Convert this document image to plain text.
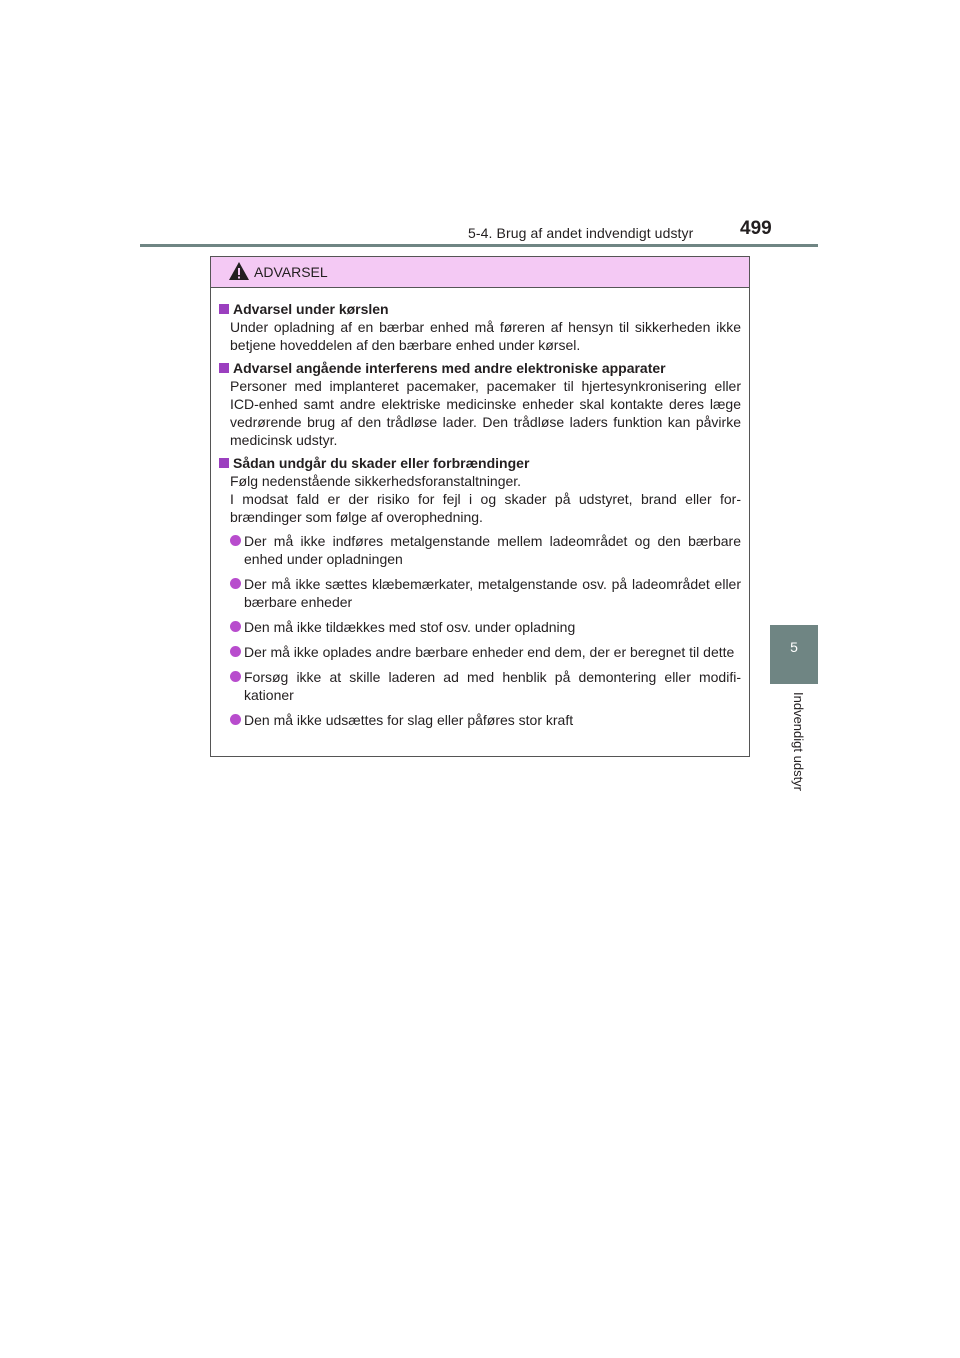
5-4. Brug af andet indvendigt udstyr 499
5
Indvendigt udstyr
ADVARSEL
Advarsel under kørslen

Under opladning af en bærbar enhed må føreren af hensyn til sikkerheden ikke betjene hoveddelen af den bærbare enhed under kørsel.

Advarsel angående interferens med andre elektroniske apparater

Personer med implanteret pacemaker, pacemaker til hjertesynkronisering eller ICD-enhed samt andre elektriske medicinske enheder skal kontakte deres læge vedrørende brug af den trådløse lader. Den trådløse laders funktion kan påvirke medicinsk udstyr.

Sådan undgår du skader eller forbrændinger

Følg nedenstående sikkerhedsforanstaltninger.

I modsat fald er der risiko for fejl i og skader på udstyret, brand eller for-brændinger som følge af overophedning.

Der må ikke indføres metalgenstande mellem ladeområdet og den bærbare enhed under opladningen
Der må ikke sættes klæbemærkater, metalgenstande osv. på ladeområdet eller bærbare enheder
Den må ikke tildækkes med stof osv. under opladning
Der må ikke oplades andre bærbare enheder end dem, der er beregnet til dette
Forsøg ikke at skille laderen ad med henblik på demontering eller modifi-kationer
Den må ikke udsættes for slag eller påføres stor kraft
